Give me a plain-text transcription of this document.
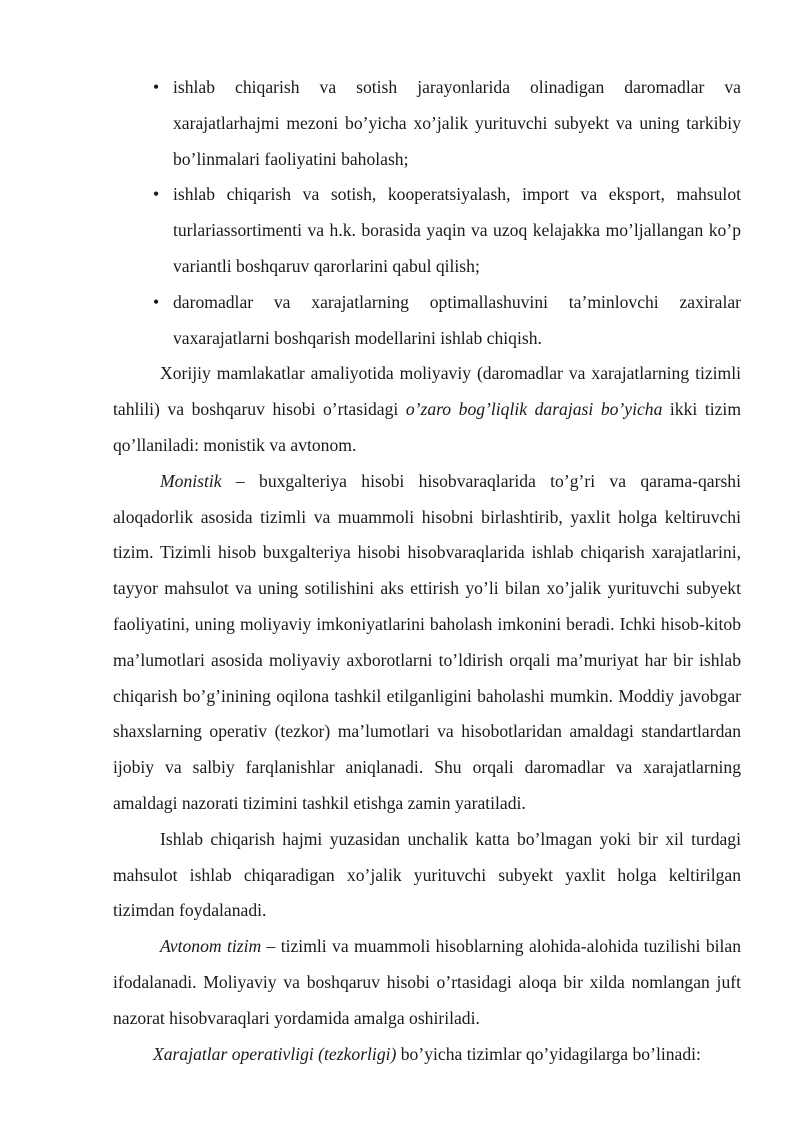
• ishlab chiqarish va sotish jarayonlarida olinadigan daromadlar va xarajatlarhajmi mezoni bo’yicha xo’jalik yurituvchi subyekt va uning tarkibiy bo’linmalari faoliyatini baholash;
• ishlab chiqarish va sotish, kooperatsiyalash, import va eksport, mahsulot turlariassortimenti va h.k. borasida yaqin va uzoq kelajakka mo’ljallangan ko’p variantli boshqaruv qarorlarini qabul qilish;
• daromadlar va xarajatlarning optimallashuvini ta’minlovchi zaxiralar vaxarajatlarni boshqarish modellarini ishlab chiqish.

Xorijiy mamlakatlar amaliyotida moliyaviy (daromadlar va xarajatlarning tizimli tahlili) va boshqaruv hisobi o’rtasidagi o’zaro bog’liqlik darajasi bo’yicha ikki tizim qo’llaniladi: monistik va avtonom.

Monistik – buxgalteriya hisobi hisobvaraqlarida to’g’ri va qarama-qarshi aloqadorlik asosida tizimli va muammoli hisobni birlashtirib, yaxlit holga keltiruvchi tizim. Tizimli hisob buxgalteriya hisobi hisobvaraqlarida ishlab chiqarish xarajatlarini, tayyor mahsulot va uning sotilishini aks ettirish yo’li bilan xo’jalik yurituvchi subyekt faoliyatini, uning moliyaviy imkoniyatlarini baholash imkonini beradi. Ichki hisob-kitob ma’lumotlari asosida moliyaviy axborotlarni to’ldirish orqali ma’muriyat har bir ishlab chiqarish bo’g’inining oqilona tashkil etilganligini baholashi mumkin. Moddiy javobgar shaxslarning operativ (tezkor) ma’lumotlari va hisobotlaridan amaldagi standartlardan ijobiy va salbiy farqlanishlar aniqlanadi. Shu orqali daromadlar va xarajatlarning amaldagi nazorati tizimini tashkil etishga zamin yaratiladi.

Ishlab chiqarish hajmi yuzasidan unchalik katta bo’lmagan yoki bir xil turdagi mahsulot ishlab chiqaradigan xo’jalik yurituvchi subyekt yaxlit holga keltirilgan tizimdan foydalanadi.

Avtonom tizim – tizimli va muammoli hisoblarning alohida-alohida tuzilishi bilan ifodalanadi. Moliyaviy va boshqaruv hisobi o’rtasidagi aloqa bir xilda nomlangan juft nazorat hisobvaraqlari yordamida amalga oshiriladi.

Xarajatlar operativligi (tezkorligi) bo’yicha tizimlar qo’yidagilarga bo’linadi:
